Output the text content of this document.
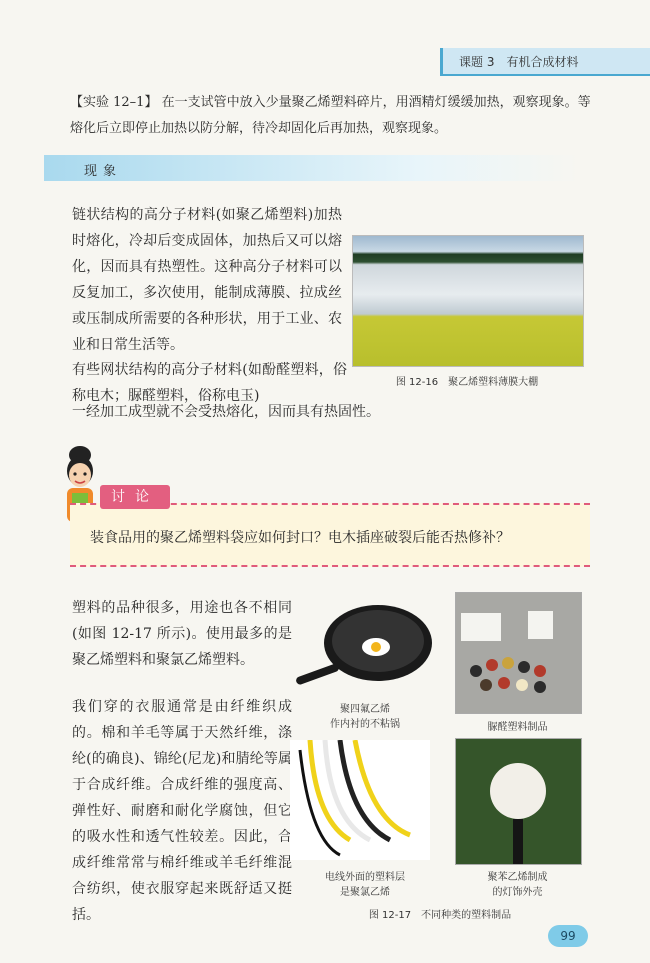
课题 3　有机合成材料
【实验 12–1】 在一支试管中放入少量聚乙烯塑料碎片，用酒精灯缓缓加热，观察现象。等熔化后立即停止加热以防分解，待冷却固化后再加热，观察现象。
现象
链状结构的高分子材料(如聚乙烯塑料)加热时熔化，冷却后变成固体，加热后又可以熔化，因而具有热塑性。这种高分子材料可以反复加工，多次使用，能制成薄膜、拉成丝或压制成所需要的各种形状，用于工业、农业和日常生活等。
有些网状结构的高分子材料(如酚醛塑料，俗称电木；脲醛塑料，俗称电玉)
一经加工成型就不会受热熔化，因而具有热固性。
图 12-16　聚乙烯塑料薄膜大棚
讨论
装食品用的聚乙烯塑料袋应如何封口？电木插座破裂后能否热修补？
塑料的品种很多，用途也各不相同(如图 12-17 所示)。使用最多的是聚乙烯塑料和聚氯乙烯塑料。
我们穿的衣服通常是由纤维织成的。棉和羊毛等属于天然纤维，涤纶(的确良)、锦纶(尼龙)和腈纶等属于合成纤维。合成纤维的强度高、弹性好、耐磨和耐化学腐蚀，但它的吸水性和透气性较差。因此，合成纤维常常与棉纤维或羊毛纤维混合纺织，使衣服穿起来既舒适又挺括。
聚四氟乙烯
作内衬的不粘锅	脲醛塑料制品
电线外面的塑料层
是聚氯乙烯
聚苯乙烯制成
的灯饰外壳
图 12-17　不同种类的塑料制品
99
